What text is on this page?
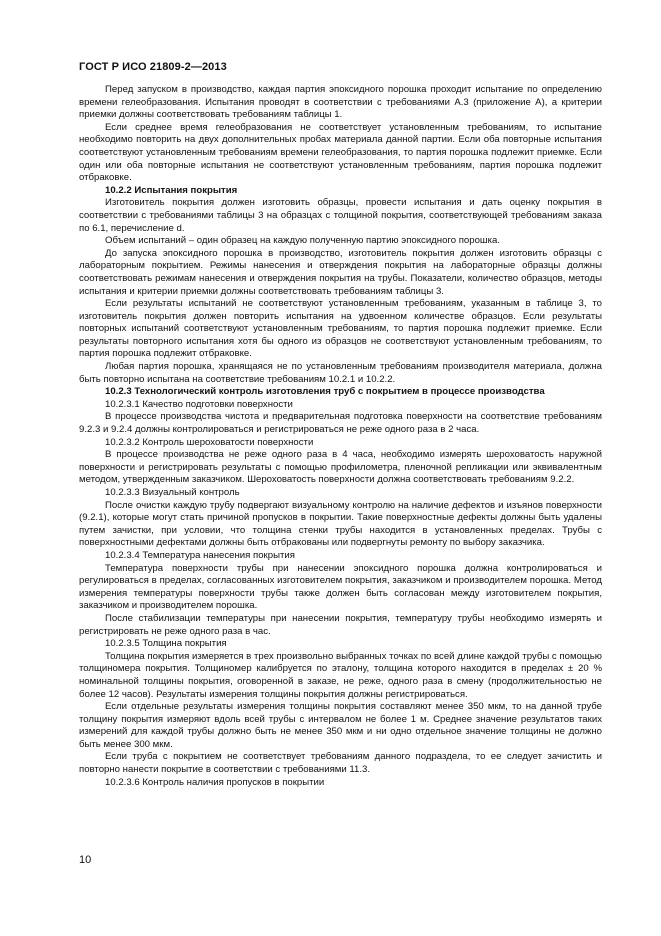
ГОСТ Р ИСО 21809-2—2013

Перед запуском в производство, каждая партия эпоксидного порошка проходит испытание по определению времени гелеобразования. Испытания проводят в соответствии с требованиями А.3 (приложение А), а критерии приемки должны соответствовать требованиям таблицы 1.

Если среднее время гелеобразования не соответствует установленным требованиям, то испытание необходимо повторить на двух дополнительных пробах материала данной партии. Если оба повторные испытания соответствуют установленным требованиям времени гелеобразования, то партия порошка подлежит приемке. Если один или оба повторные испытания не соответствуют установленным требованиям, партия порошка подлежит отбраковке.

10.2.2 Испытания покрытия

Изготовитель покрытия должен изготовить образцы, провести испытания и дать оценку покрытия в соответствии с требованиями таблицы 3 на образцах с толщиной покрытия, соответствующей требованиям заказа по 6.1, перечисление d.

Объем испытаний – один образец на каждую полученную партию эпоксидного порошка.

До запуска эпоксидного порошка в производство, изготовитель покрытия должен изготовить образцы с лабораторным покрытием. Режимы нанесения и отверждения покрытия на лабораторные образцы должны соответствовать режимам нанесения и отверждения покрытия на трубы. Показатели, количество образцов, методы испытания и критерии приемки должны соответствовать требованиям таблицы 3.

Если результаты испытаний не соответствуют установленным требованиям, указанным в таблице 3, то изготовитель покрытия должен повторить испытания на удвоенном количестве образцов. Если результаты повторных испытаний соответствуют установленным требованиям, то партия порошка подлежит приемке. Если результаты повторного испытания хотя бы одного из образцов не соответствуют установленным требованиям, то партия порошка подлежит отбраковке.

Любая партия порошка, хранящаяся не по установленным требованиям производителя материала, должна быть повторно испытана на соответствие требованиям 10.2.1 и 10.2.2.

10.2.3 Технологический контроль изготовления труб с покрытием в процессе производства

10.2.3.1 Качество подготовки поверхности

В процессе производства чистота и предварительная подготовка поверхности на соответствие требованиям 9.2.3 и 9.2.4 должны контролироваться и регистрироваться не реже одного раза в 2 часа.

10.2.3.2 Контроль шероховатости поверхности

В процессе производства не реже одного раза в 4 часа, необходимо измерять шероховатость наружной поверхности и регистрировать результаты с помощью профилометра, пленочной репликации или эквивалентным методом, утвержденным заказчиком. Шероховатость поверхности должна соответствовать требованиям 9.2.2.

10.2.3.3 Визуальный контроль

После очистки каждую трубу подвергают визуальному контролю на наличие дефектов и изъянов поверхности (9.2.1), которые могут стать причиной пропусков в покрытии. Такие поверхностные дефекты должны быть удалены путем зачистки, при условии, что толщина стенки трубы находится в установленных пределах. Трубы с поверхностными дефектами должны быть отбракованы или подвергнуты ремонту по выбору заказчика.

10.2.3.4 Температура нанесения покрытия

Температура поверхности трубы при нанесении эпоксидного порошка должна контролироваться и регулироваться в пределах, согласованных изготовителем покрытия, заказчиком и производителем порошка. Метод измерения температуры поверхности трубы также должен быть согласован между изготовителем покрытия, заказчиком и производителем порошка.

После стабилизации температуры при нанесении покрытия, температуру трубы необходимо измерять и регистрировать не реже одного раза в час.

10.2.3.5 Толщина покрытия

Толщина покрытия измеряется в трех произвольно выбранных точках по всей длине каждой трубы с помощью толщиномера покрытия. Толщиномер калибруется по эталону, толщина которого находится в пределах ± 20 % номинальной толщины покрытия, оговоренной в заказе, не реже, одного раза в смену (продолжительностью не более 12 часов). Результаты измерения толщины покрытия должны регистрироваться.

Если отдельные результаты измерения толщины покрытия составляют менее 350 мкм, то на данной трубе толщину покрытия измеряют вдоль всей трубы с интервалом не более 1 м. Среднее значение результатов таких измерений для каждой трубы должно быть не менее 350 мкм и ни одно отдельное значение толщины не должно быть менее 300 мкм.

Если труба с покрытием не соответствует требованиям данного подраздела, то ее следует зачистить и повторно нанести покрытие в соответствии с требованиями 11.3.

10.2.3.6 Контроль наличия пропусков в покрытии

10
